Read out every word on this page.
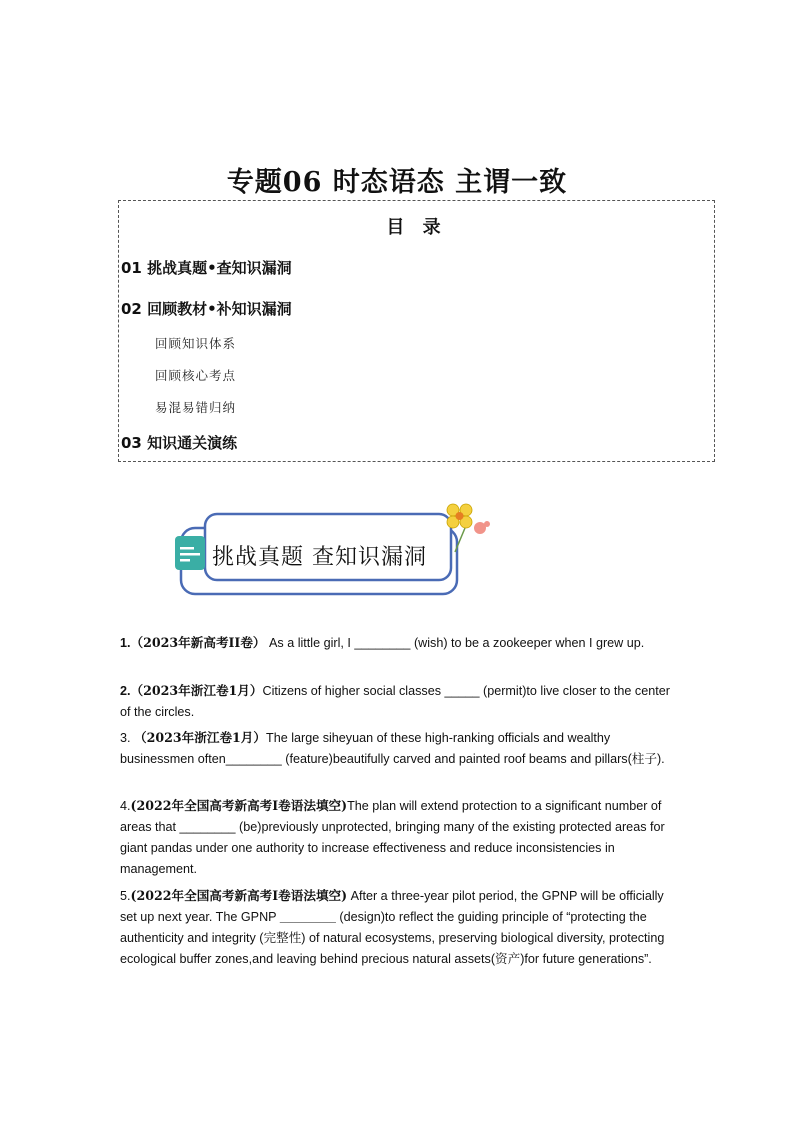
专题06 时态语态 主谓一致
目 录
01 挑战真题•查知识漏洞
02 回顾教材•补知识漏洞
回顾知识体系
回顾核心考点
易混易错归纳
03 知识通关演练
挑战真题 查知识漏洞
1.（2023年新高考II卷） As a little girl, I ________ (wish) to be a zookeeper when I grew up.
2.（2023年浙江卷1月）Citizens of higher social classes _____ (permit)to live closer to the center of the circles.
3. （2023年浙江卷1月）The large siheyuan of these high-ranking officials and wealthy businessmen often________ (feature)beautifully carved and painted roof beams and pillars(柱子).
4.(2022年全国高考新高考I卷语法填空)The plan will extend protection to a significant number of areas that ________ (be)previously unprotected, bringing many of the existing protected areas for giant pandas under one authority to increase effectiveness and reduce inconsistencies in management.
5.(2022年全国高考新高考I卷语法填空) After a three-year pilot period, the GPNP will be officially set up next year. The GPNP ________ (design)to reflect the guiding principle of “protecting the authenticity and integrity (完整性) of natural ecosystems, preserving biological diversity, protecting ecological buffer zones,and leaving behind precious natural assets(资产)for future generations”.
